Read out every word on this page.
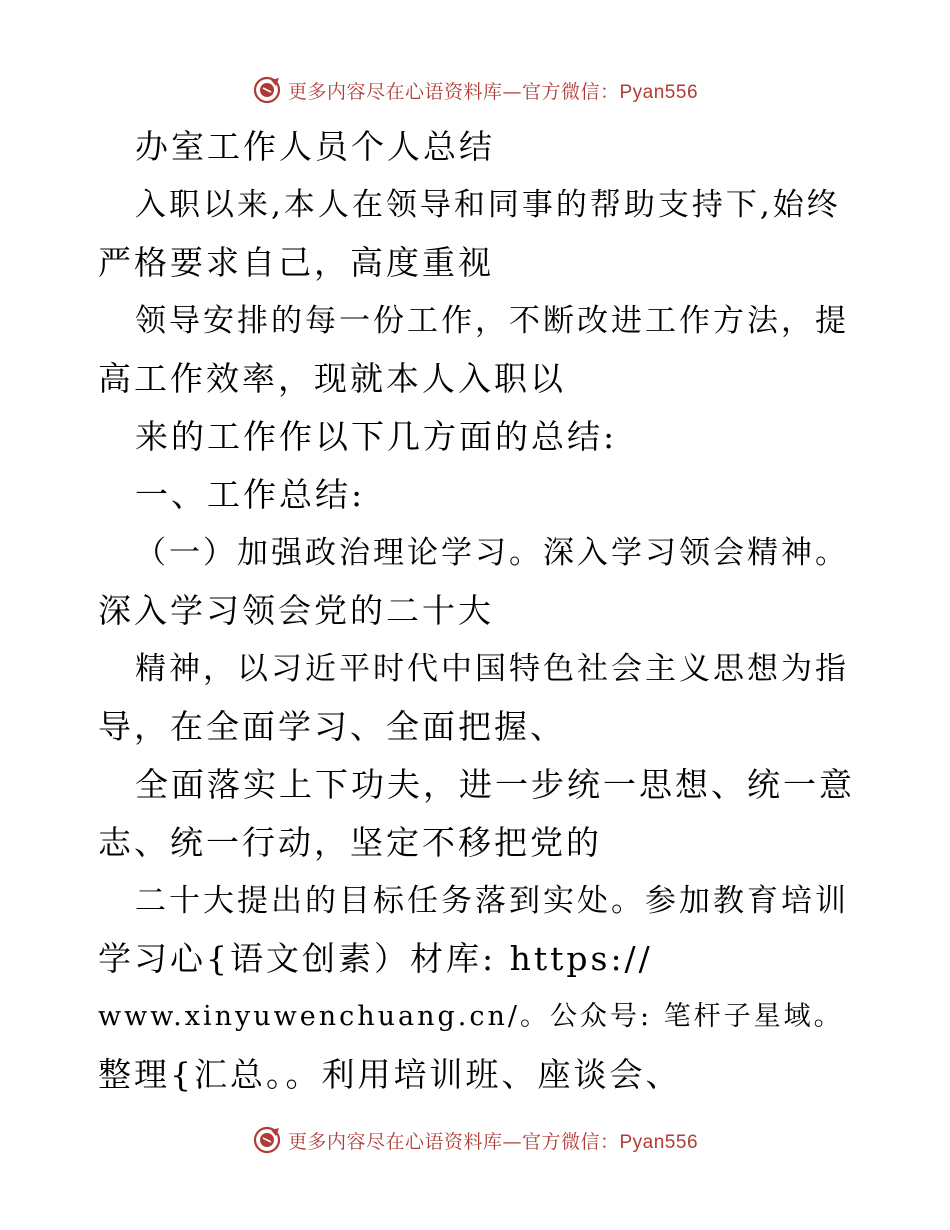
更多内容尽在心语资料库—官方微信：Pyan556
办室工作人员个人总结
入职以来,本人在领导和同事的帮助支持下,始终
严格要求自己，高度重视
领导安排的每一份工作，不断改进工作方法，提
高工作效率，现就本人入职以
来的工作作以下几方面的总结:
一、工作总结:
（一）加强政治理论学习。深入学习领会精神。
深入学习领会党的二十大
精神，以习近平时代中国特色社会主义思想为指
导，在全面学习、全面把握、
全面落实上下功夫，进一步统一思想、统一意
志、统一行动，坚定不移把党的
二十大提出的目标任务落到实处。参加教育培训
学习心{语文创素）材库: https://
www.xinyuwenchuang.cn/。公众号: 笔杆子星域。
整理{汇总。。利用培训班、座谈会、
更多内容尽在心语资料库—官方微信：Pyan556
